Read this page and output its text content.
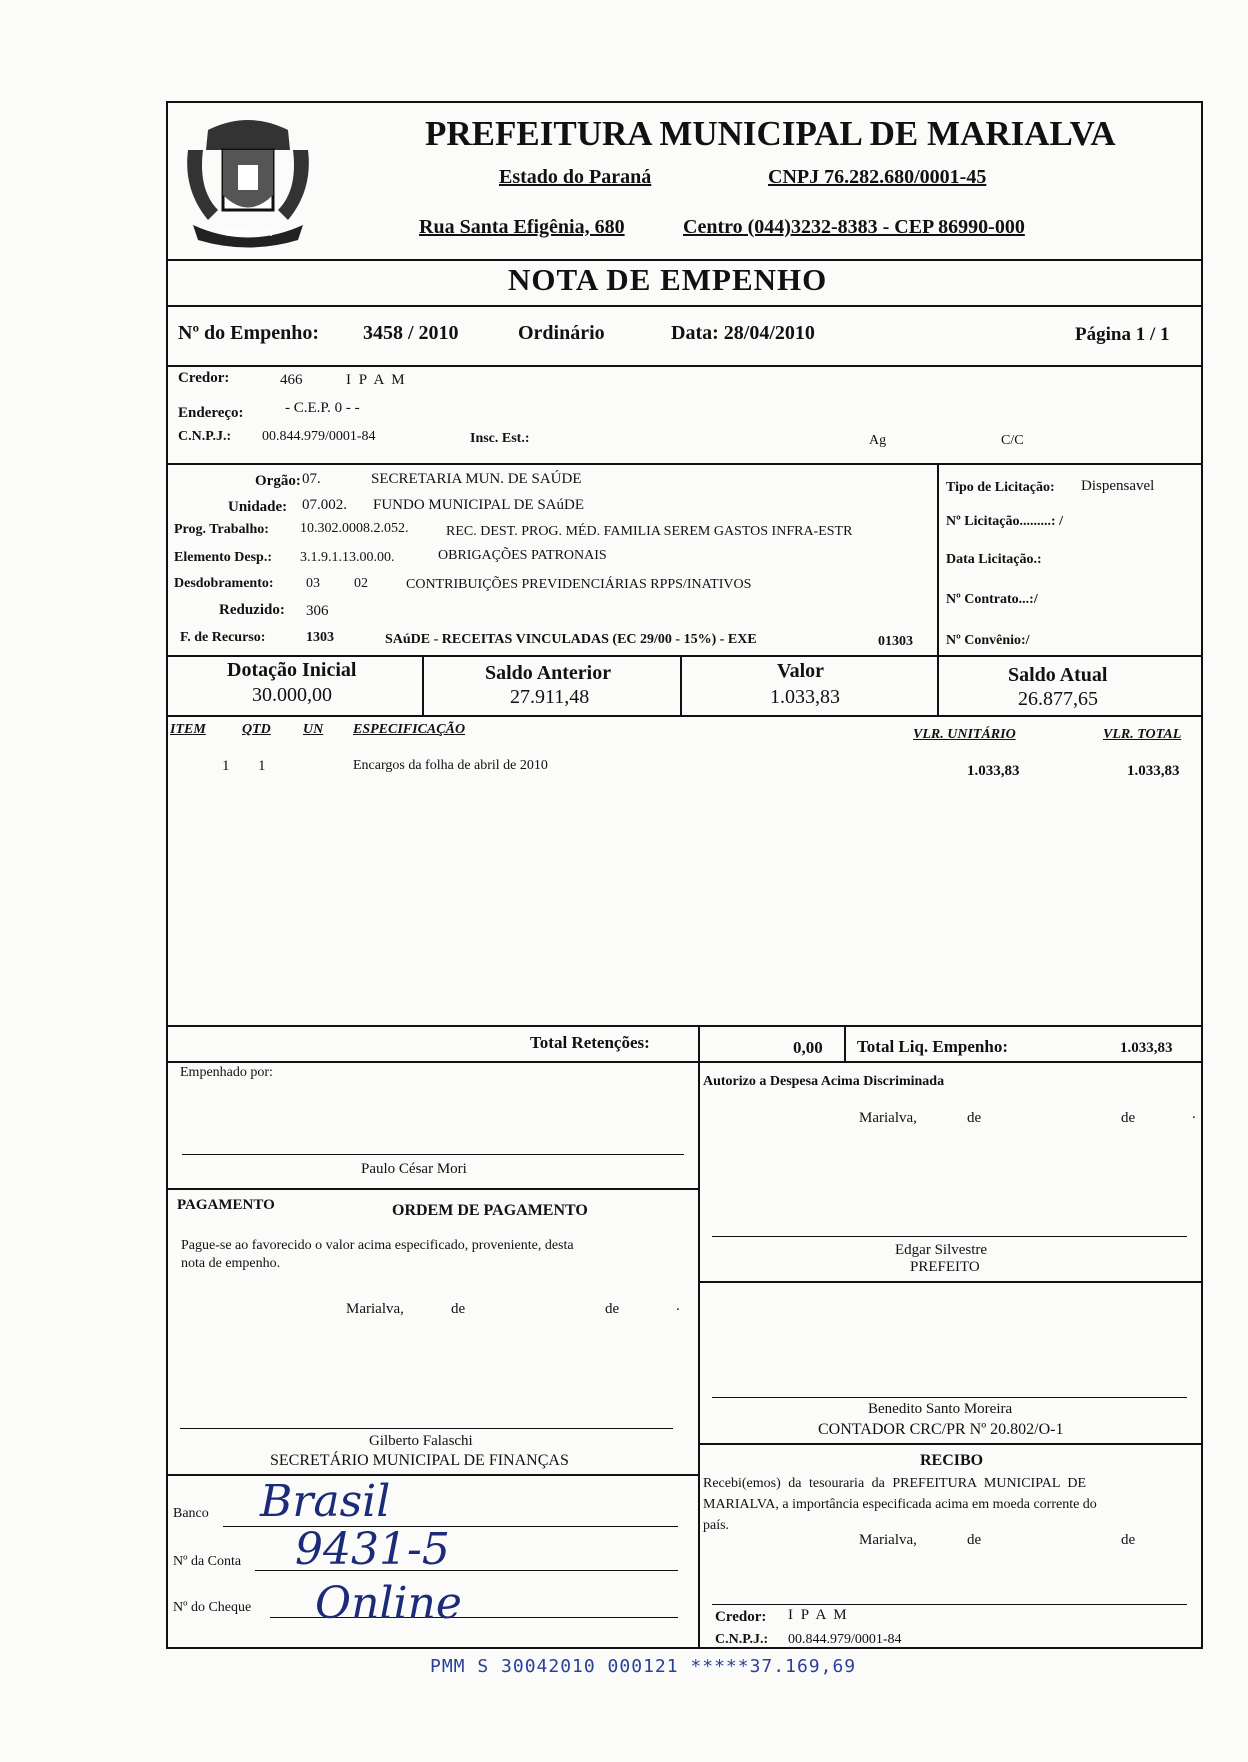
MARIALVA
PREFEITURA MUNICIPAL DE MARIALVA
Estado do Paraná	CNPJ 76.282.680/0001-45
Rua Santa Efigênia, 680	Centro (044)3232-8383 - CEP 86990-000
NOTA DE EMPENHO
Nº do Empenho: 3458 / 2010	Ordinário	Data: 28/04/2010	Página 1 / 1
Credor:	466	I P A M
Endereço:	- C.E.P. 0 - -
C.N.P.J.: 00.844.979/0001-84	Insc. Est.:	Ag	C/C
Orgão: 07.	SECRETARIA MUN. DE SAÚDE
Unidade: 07.002. FUNDO MUNICIPAL DE SAúDE
Prog. Trabalho: 10.302.0008.2.052.	REC. DEST. PROG. MÉD. FAMILIA SEREM GASTOS INFRA-ESTR
Elemento Desp.: 3.1.9.1.13.00.00.	OBRIGAÇÕES PATRONAIS
Desdobramento: 03 02	CONTRIBUIÇÕES PREVIDENCIÁRIAS RPPS/INATIVOS
Reduzido: 306
F. de Recurso:	1303	SAúDE - RECEITAS VINCULADAS (EC 29/00 - 15%) - EXE	01303
Tipo de Licitação: Dispensavel
Nº Licitação.........: /
Data Licitação.:
Nº Contrato...:/
Nº Convênio:/
Dotação Inicial
30.000,00
Saldo Anterior
27.911,48
Valor
1.033,83
Saldo Atual
26.877,65
ITEM	QTD UN ESPECIFICAÇÃO	VLR. UNITÁRIO	VLR. TOTAL
1 1	Encargos da folha de abril de 2010	1.033,83	1.033,83
Total Retenções:	0,00 Total Liq. Empenho:	1.033,83
Empenhado por:
Paulo César Mori
Autorizo a Despesa Acima Discriminada
Marialva,	de	de	.
PAGAMENTO	ORDEM DE PAGAMENTO
Pague-se ao favorecido o valor acima especificado, proveniente, desta
nota de empenho.
Marialva,	de	de	.
Gilberto Falaschi
SECRETÁRIO MUNICIPAL DE FINANÇAS
Edgar Silvestre
PREFEITO
Benedito Santo Moreira
CONTADOR CRC/PR Nº 20.802/O-1
RECIBO
Recebi(emos) da tesouraria da PREFEITURA MUNICIPAL DE
MARIALVA, a importância especificada acima em moeda corrente do
país.
Marialva,	de	de
Credor: I P A M
C.N.P.J.: 00.844.979/0001-84
Banco Brasil
Nº da Conta 9431-5
Nº do Cheque Online
PMM S 30042010 000121 *****37.169,69
